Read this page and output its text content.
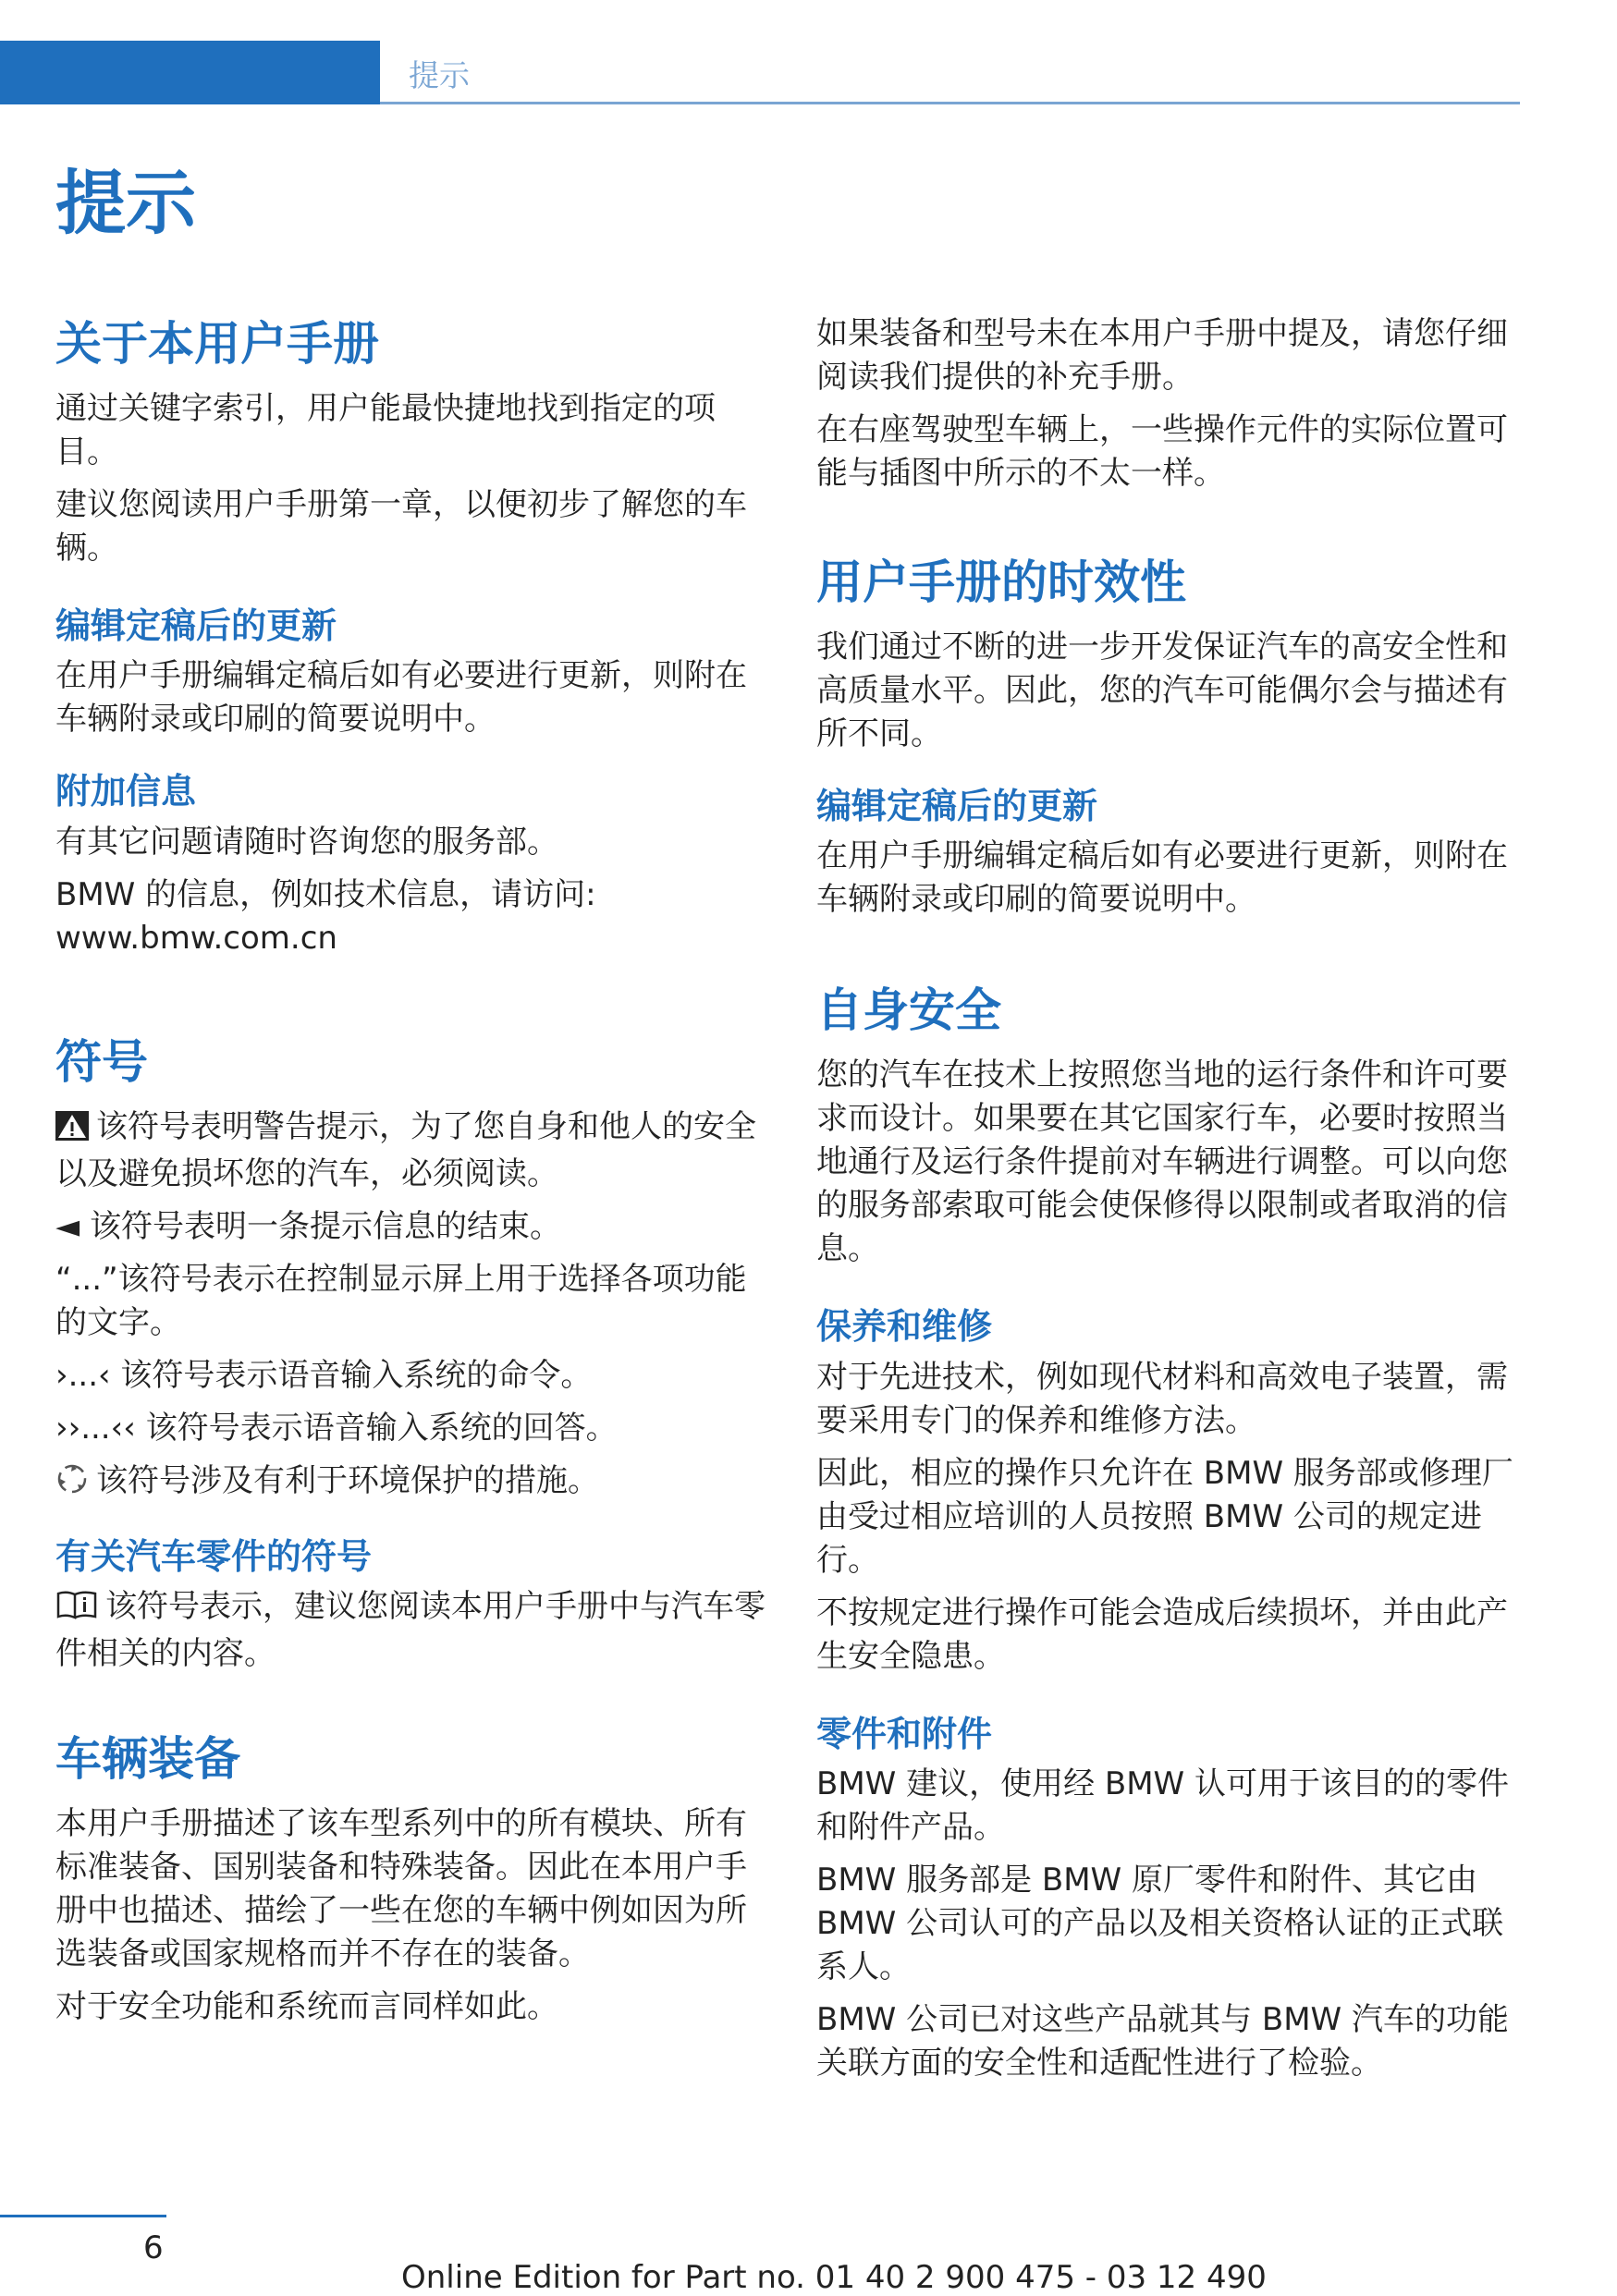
提示
提示
关于本用户手册

通过关键字索引，用户能最快捷地找到指定的项目。

建议您阅读用户手册第一章，以便初步了解您的车辆。

编辑定稿后的更新

在用户手册编辑定稿后如有必要进行更新，则附在车辆附录或印刷的简要说明中。

附加信息

有其它问题请随时咨询您的服务部。

BMW 的信息，例如技术信息，请访问:

www.bmw.com.cn

符号

该符号表明警告提示，为了您自身和他人的安全以及避免损坏您的汽车，必须阅读。

◄ 该符号表明一条提示信息的结束。

“...”该符号表示在控制显示屏上用于选择各项功能的文字。

›...‹ 该符号表示语音输入系统的命令。

››...‹‹ 该符号表示语音输入系统的回答。

该符号涉及有利于环境保护的措施。

有关汽车零件的符号

该符号表示，建议您阅读本用户手册中与汽车零件相关的内容。

车辆装备

本用户手册描述了该车型系列中的所有模块、所有标准装备、国别装备和特殊装备。因此在本用户手册中也描述、描绘了一些在您的车辆中例如因为所选装备或国家规格而并不存在的装备。

对于安全功能和系统而言同样如此。

如果装备和型号未在本用户手册中提及，请您仔细阅读我们提供的补充手册。

在右座驾驶型车辆上，一些操作元件的实际位置可能与插图中所示的不太一样。

用户手册的时效性

我们通过不断的进一步开发保证汽车的高安全性和高质量水平。因此，您的汽车可能偶尔会与描述有所不同。

编辑定稿后的更新

在用户手册编辑定稿后如有必要进行更新，则附在车辆附录或印刷的简要说明中。

自身安全

您的汽车在技术上按照您当地的运行条件和许可要求而设计。如果要在其它国家行车，必要时按照当地通行及运行条件提前对车辆进行调整。可以向您的服务部索取可能会使保修得以限制或者取消的信息。

保养和维修

对于先进技术，例如现代材料和高效电子装置，需要采用专门的保养和维修方法。

因此，相应的操作只允许在 BMW 服务部或修理厂由受过相应培训的人员按照 BMW 公司的规定进行。

不按规定进行操作可能会造成后续损坏，并由此产生安全隐患。

零件和附件

BMW 建议，使用经 BMW 认可用于该目的的零件和附件产品。

BMW 服务部是 BMW 原厂零件和附件、其它由 BMW 公司认可的产品以及相关资格认证的正式联系人。

BMW 公司已对这些产品就其与 BMW 汽车的功能关联方面的安全性和适配性进行了检验。

6
Online Edition for Part no. 01 40 2 900 475 - 03 12 490
